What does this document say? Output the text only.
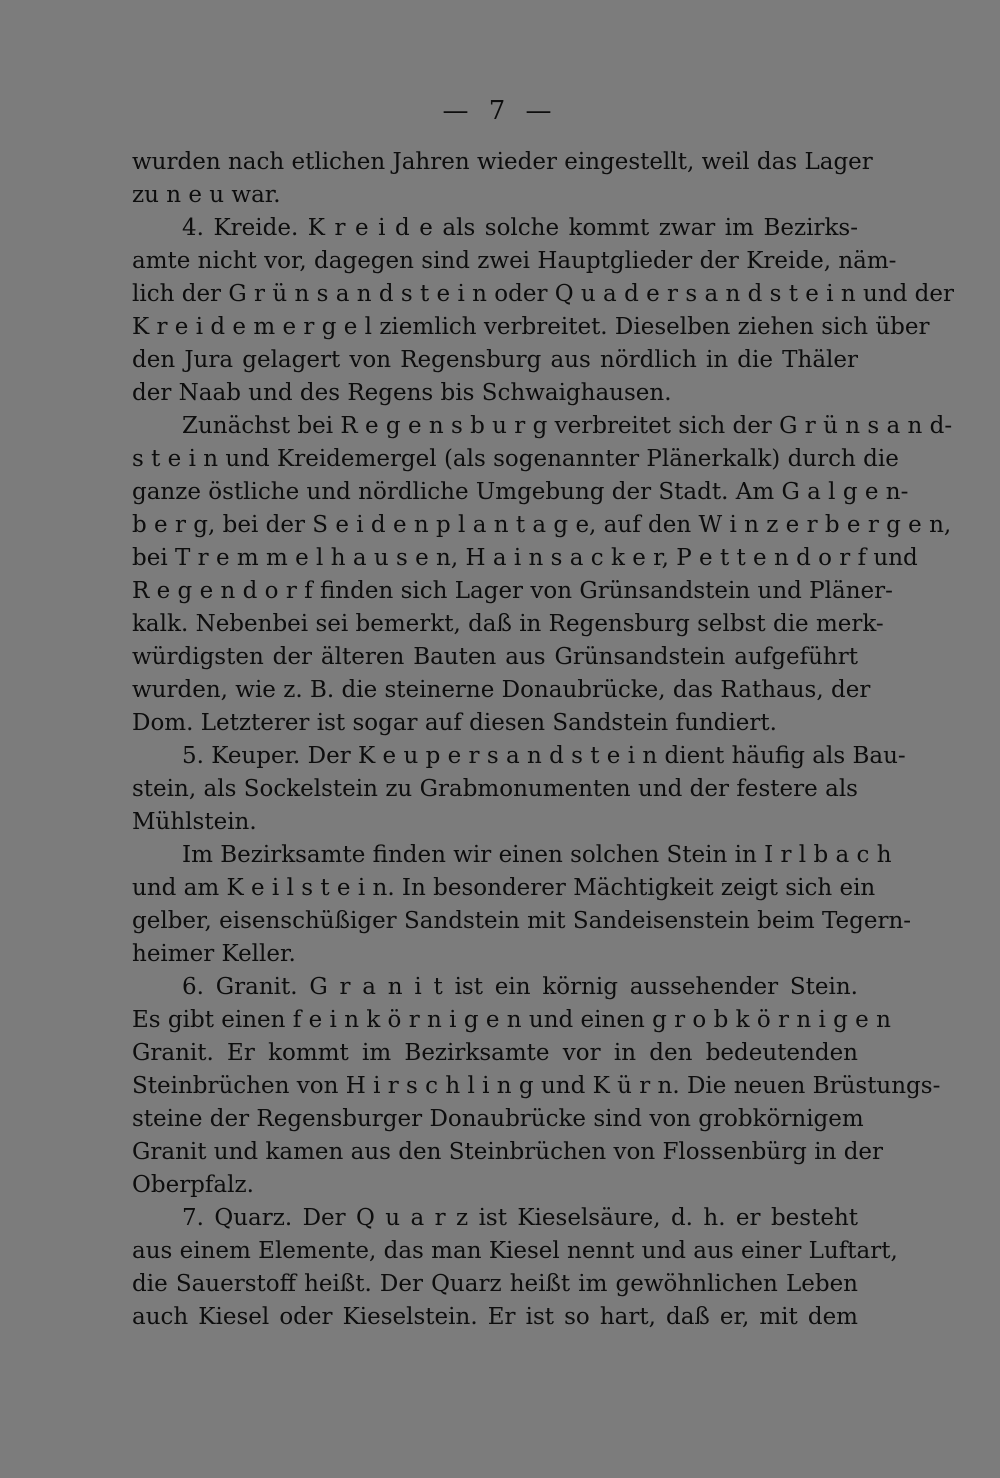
— 7 —
wurden nach etlichen Jahren wieder eingestellt, weil das Lager
zu n e u war.
4. Kreide. K r e i d e als solche kommt zwar im Bezirks-
amte nicht vor, dagegen sind zwei Hauptglieder der Kreide, näm-
lich der G r ü n s a n d s t e i n oder Q u a d e r s a n d s t e i n und der
K r e i d e m e r g e l ziemlich verbreitet. Dieselben ziehen sich über
den Jura gelagert von Regensburg aus nördlich in die Thäler
der Naab und des Regens bis Schwaighausen.
Zunächst bei R e g e n s b u r g verbreitet sich der G r ü n s a n d-
s t e i n und Kreidemergel (als sogenannter Plänerkalk) durch die
ganze östliche und nördliche Umgebung der Stadt. Am G a l g e n-
b e r g, bei der S e i d e n p l a n t a g e, auf den W i n z e r b e r g e n,
bei T r e m m e l h a u s e n, H a i n s a c k e r, P e t t e n d o r f und
R e g e n d o r f finden sich Lager von Grünsandstein und Pläner-
kalk. Nebenbei sei bemerkt, daß in Regensburg selbst die merk-
würdigsten der älteren Bauten aus Grünsandstein aufgeführt
wurden, wie z. B. die steinerne Donaubrücke, das Rathaus, der
Dom. Letzterer ist sogar auf diesen Sandstein fundiert.
5. Keuper. Der K e u p e r s a n d s t e i n dient häufig als Bau-
stein, als Sockelstein zu Grabmonumenten und der festere als
Mühlstein.
Im Bezirksamte finden wir einen solchen Stein in I r l b a c h
und am K e i l s t e i n. In besonderer Mächtigkeit zeigt sich ein
gelber, eisenschüßiger Sandstein mit Sandeisenstein beim Tegern-
heimer Keller.
6. Granit. G r a n i t ist ein körnig aussehender Stein.
Es gibt einen f e i n k ö r n i g e n und einen g r o b k ö r n i g e n
Granit. Er kommt im Bezirksamte vor in den bedeutenden
Steinbrüchen von H i r s c h l i n g und K ü r n. Die neuen Brüstungs-
steine der Regensburger Donaubrücke sind von grobkörnigem
Granit und kamen aus den Steinbrüchen von Flossenbürg in der
Oberpfalz.
7. Quarz. Der Q u a r z ist Kieselsäure, d. h. er besteht
aus einem Elemente, das man Kiesel nennt und aus einer Luftart,
die Sauerstoff heißt. Der Quarz heißt im gewöhnlichen Leben
auch Kiesel oder Kieselstein. Er ist so hart, daß er, mit dem
